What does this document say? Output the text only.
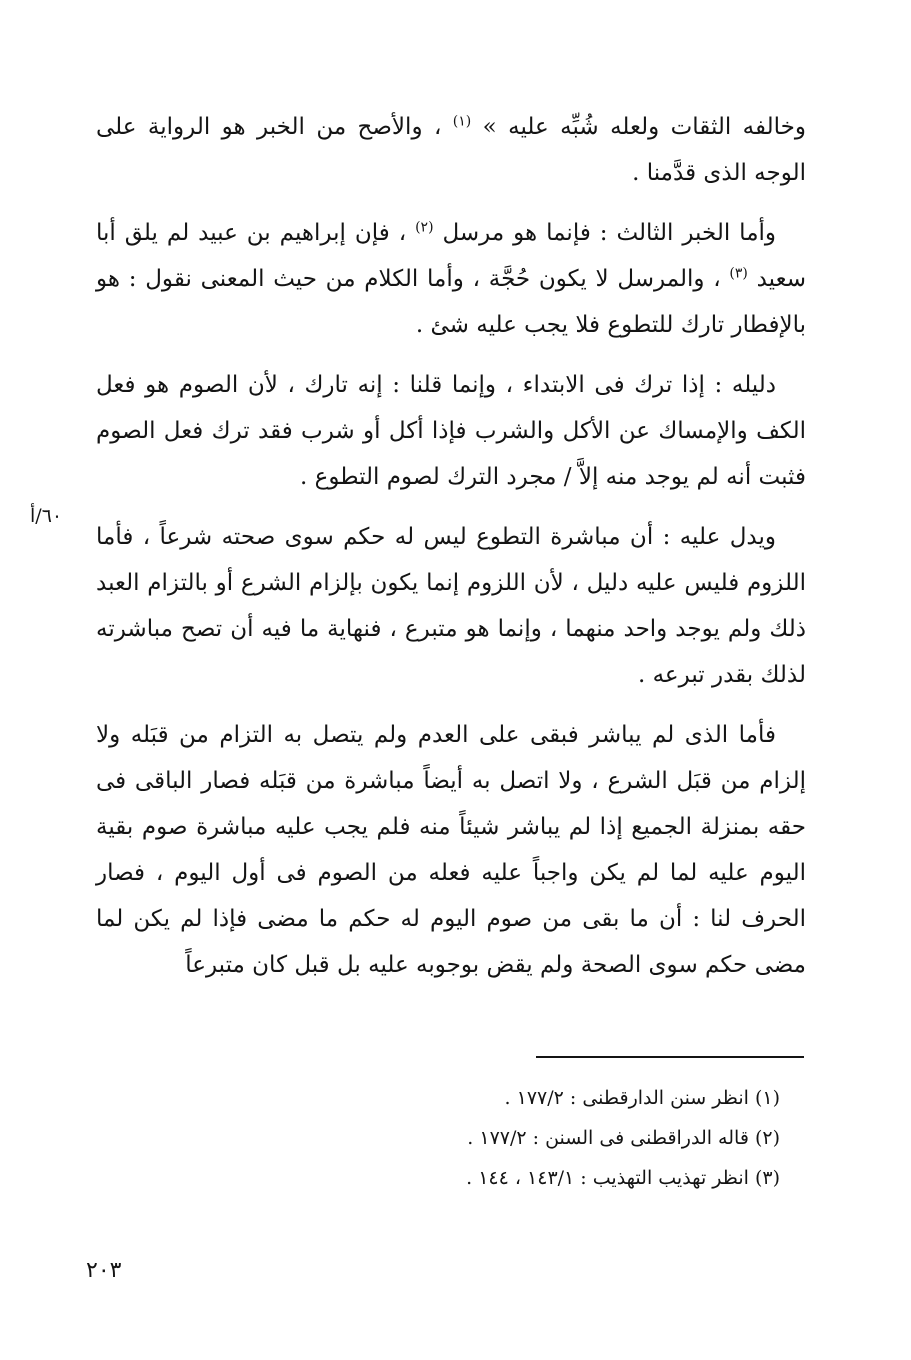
وخالفه الثقات ولعله شُبِّه عليه » $^{(١)}$ ، والأصح من الخبر هو الرواية على الوجه الذى قدَّمنا .

وأما الخبر الثالث : فإنما هو مرسل $^{(٢)}$ ، فإن إبراهيم بن عبيد لم يلق أبا سعيد $^{(٣)}$ ، والمرسل لا يكون حُجَّة ، وأما الكلام من حيث المعنى نقول : هو بالإفطار تارك للتطوع فلا يجب عليه شئ .

دليله : إذا ترك فى الابتداء ، وإنما قلنا : إنه تارك ، لأن الصوم هو فعل الكف والإمساك عن الأكل والشرب فإذا أكل أو شرب فقد ترك فعل الصوم فثبت أنه لم يوجد منه إلاَّ / مجرد الترك لصوم التطوع .

ويدل عليه : أن مباشرة التطوع ليس له حكم سوى صحته شرعاً ، فأما اللزوم فليس عليه دليل ، لأن اللزوم إنما يكون بإلزام الشرع أو بالتزام العبد ذلك ولم يوجد واحد منهما ، وإنما هو متبرع ، فنهاية ما فيه أن تصح مباشرته لذلك بقدر تبرعه .

فأما الذى لم يباشر فبقى على العدم ولم يتصل به التزام من قبَله ولا إلزام من قبَل الشرع ، ولا اتصل به أيضاً مباشرة من قبَله فصار الباقى فى حقه بمنزلة الجميع إذا لم يباشر شيئاً منه فلم يجب عليه مباشرة صوم بقية اليوم عليه لما لم يكن واجباً عليه فعله من الصوم فى أول اليوم ، فصار الحرف لنا : أن ما بقى من صوم اليوم له حكم ما مضى فإذا لم يكن لما مضى حكم سوى الصحة ولم يقض بوجوبه عليه بل قبل كان متبرعاً

٦٠/أ

(١) انظر سنن الدارقطنى : ١٧٧/٢ .

(٢) قاله الدراقطنى فى السنن : ١٧٧/٢ .

(٣) انظر تهذيب التهذيب : ١٤٣/١ ، ١٤٤ .

٢٠٣
